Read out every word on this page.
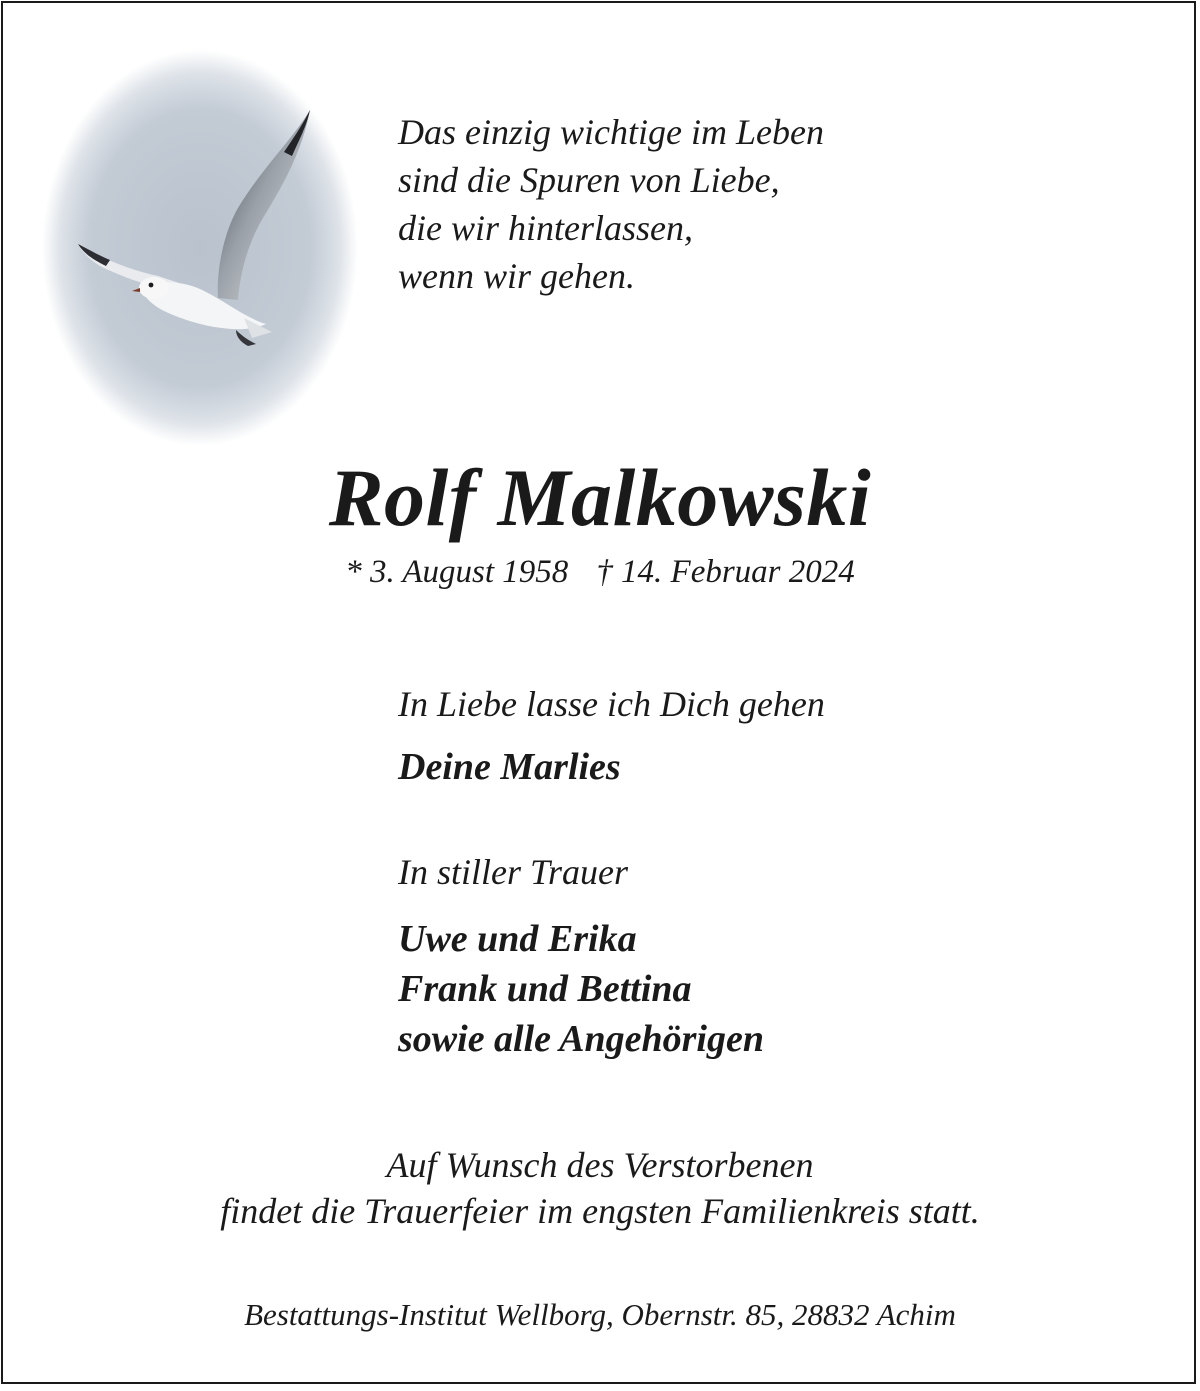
Das einzig wichtige im Leben
sind die Spuren von Liebe,
die wir hinterlassen,
wenn wir gehen.
Rolf Malkowski
* 3. August 1958 † 14. Februar 2024
In Liebe lasse ich Dich gehen
Deine Marlies
In stiller Trauer
Uwe und Erika
Frank und Bettina
sowie alle Angehörigen
Auf Wunsch des Verstorbenen
findet die Trauerfeier im engsten Familienkreis statt.
Bestattungs-Institut Wellborg, Obernstr. 85, 28832 Achim
